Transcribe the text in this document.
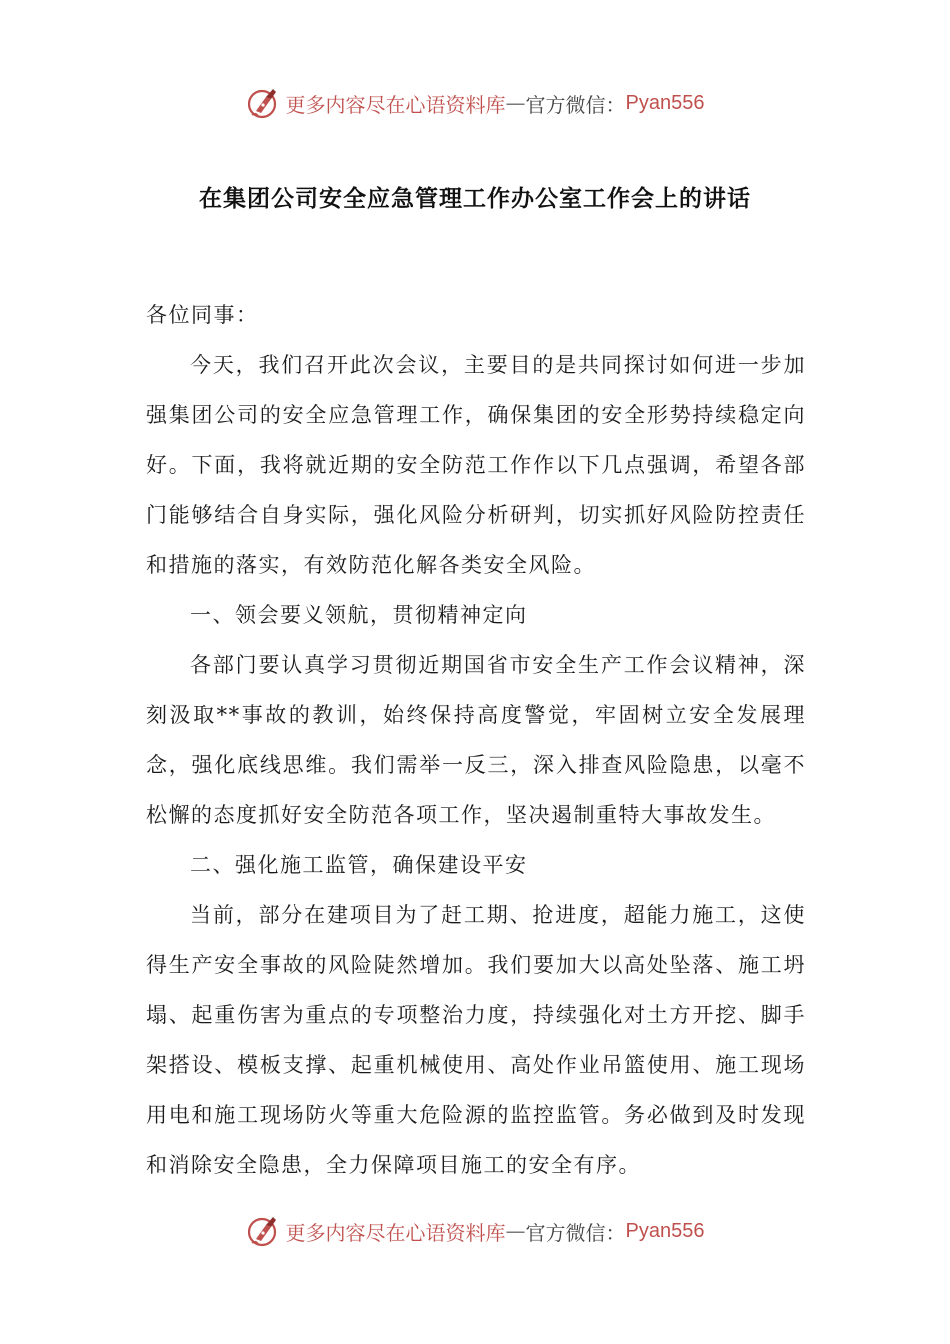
更多内容尽在心语资料库 — 官方微信： Pyan556
在集团公司安全应急管理工作办公室工作会上的讲话

各位同事：

今天，我们召开此次会议，主要目的是共同探讨如何进一步加强集团公司的安全应急管理工作，确保集团的安全形势持续稳定向好。下面，我将就近期的安全防范工作作以下几点强调，希望各部门能够结合自身实际，强化风险分析研判，切实抓好风险防控责任和措施的落实，有效防范化解各类安全风险。

一、领会要义领航，贯彻精神定向

各部门要认真学习贯彻近期国省市安全生产工作会议精神，深刻汲取**事故的教训，始终保持高度警觉，牢固树立安全发展理念，强化底线思维。我们需举一反三，深入排查风险隐患，以毫不松懈的态度抓好安全防范各项工作，坚决遏制重特大事故发生。

二、强化施工监管，确保建设平安

当前，部分在建项目为了赶工期、抢进度，超能力施工，这使得生产安全事故的风险陡然增加。我们要加大以高处坠落、施工坍塌、起重伤害为重点的专项整治力度，持续强化对土方开挖、脚手架搭设、模板支撑、起重机械使用、高处作业吊篮使用、施工现场用电和施工现场防火等重大危险源的监控监管。务必做到及时发现和消除安全隐患，全力保障项目施工的安全有序。

更多内容尽在心语资料库 — 官方微信： Pyan556
